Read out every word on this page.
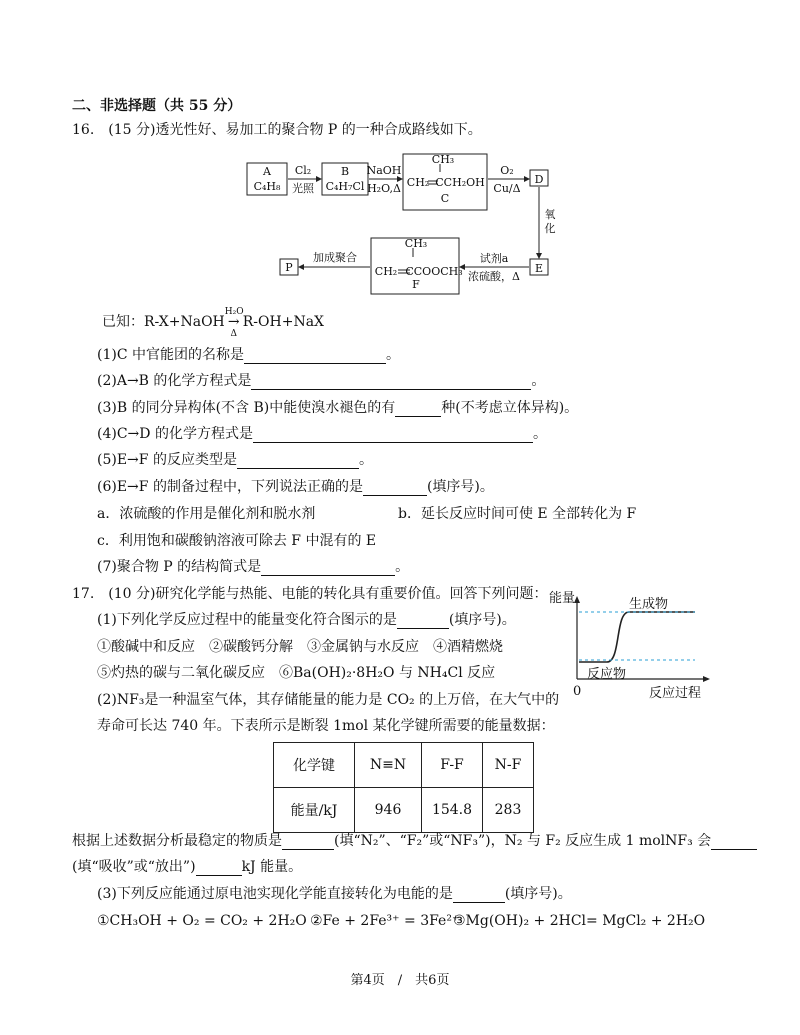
二、非选择题（共 55 分）
16.　(15 分)透光性好、易加工的聚合物 P 的一种合成路线如下。
A
C₄H₈
Cl₂
光照
B
C₄H₇Cl
NaOH
H₂O,Δ
CH₃
CH₂ CCH₂OH
C
O₂
Cu/Δ
D
氧
化
E
试剂a
浓硫酸，Δ
CH₃
CH₂ CCOOCH₃
F
加成聚合
P
已知：R-X+NaOH
H₂O
→
Δ
R-OH+NaX
(1)C 中官能团的名称是	。
(2)A→B 的化学方程式是	。
(3)B 的同分异构体(不含 B)中能使溴水褪色的有	种(不考虑立体异构)。
(4)C→D 的化学方程式是	。
(5)E→F 的反应类型是	。
(6)E→F 的制备过程中，下列说法正确的是	(填序号)。
a．浓硫酸的作用是催化剂和脱水剂	b．延长反应时间可使 E 全部转化为 F
c．利用饱和碳酸钠溶液可除去 F 中混有的 E
(7)聚合物 P 的结构简式是	。
17.　(10 分)研究化学能与热能、电能的转化具有重要价值。回答下列问题：
(1)下列化学反应过程中的能量变化符合图示的是	(填序号)。
①酸碱中和反应　②碳酸钙分解　③金属钠与水反应　④酒精燃烧
⑤灼热的碳与二氧化碳反应　⑥Ba(OH)₂·8H₂O 与 NH₄Cl 反应
(2)NF₃是一种温室气体，其存储能量的能力是 CO₂ 的上万倍，在大气中的
寿命可长达 740 年。下表所示是断裂 1mol 某化学键所需要的能量数据：
能量	生成物
反应物
0	反应过程
化学键	N≡N	F-F	N-F
能量/kJ	946	154.8	283
根据上述数据分析最稳定的物质是	(填“N₂”、“F₂”或“NF₃”)，N₂ 与 F₂ 反应生成 1 molNF₃ 会
(填“吸收”或“放出”)	kJ 能量。
(3)下列反应能通过原电池实现化学能直接转化为电能的是	(填序号)。
①CH₃OH + O₂ = CO₂ + 2H₂O ②Fe + 2Fe³⁺ = 3Fe²⁺
③Mg(OH)₂ + 2HCl= MgCl₂ + 2H₂O
第4页　/　共6页
